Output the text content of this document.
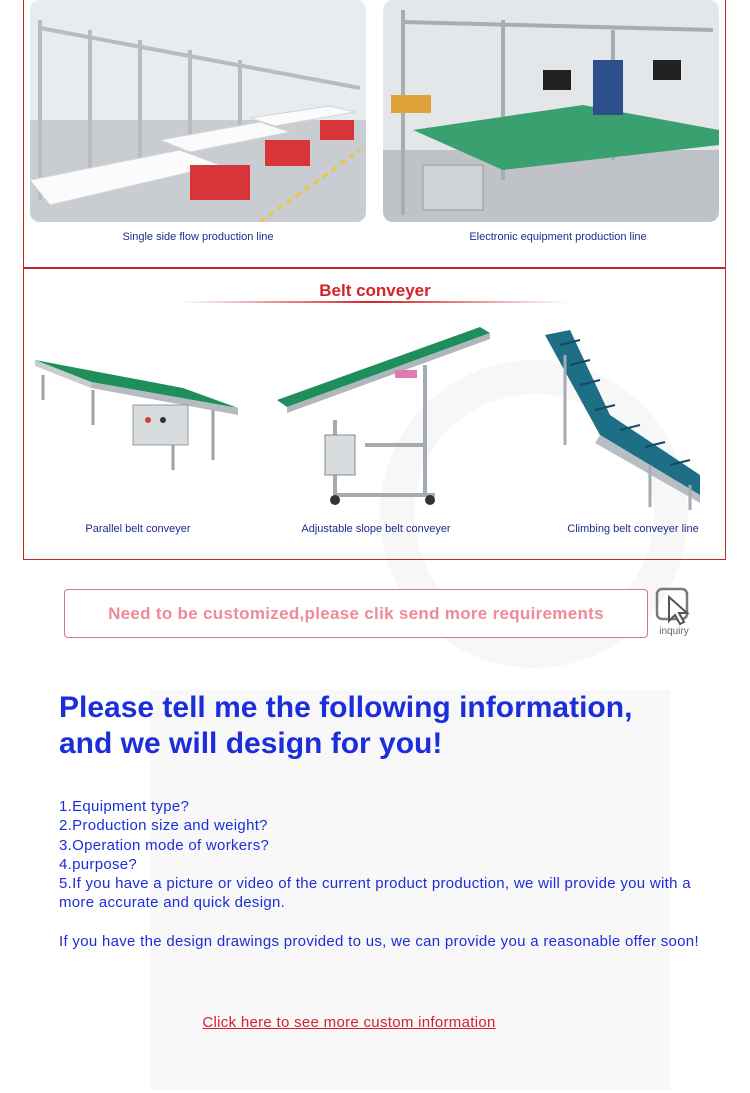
Single side flow production line	Electronic equipment production line
Belt conveyer
Parallel belt conveyer	Adjustable slope belt conveyer	Climbing belt conveyer line
Need to be customized,please clik send more requirements
inquiry
Please tell me the following information,
and we will design for you!
1.Equipment type?
2.Production size and weight?
3.Operation mode of workers?
4.purpose?
5.If you have a picture or video of the current product production, we will provide you with a more accurate and quick design.
If you have the design drawings provided to us, we can provide you a reasonable offer soon!
Click here to see more custom information
